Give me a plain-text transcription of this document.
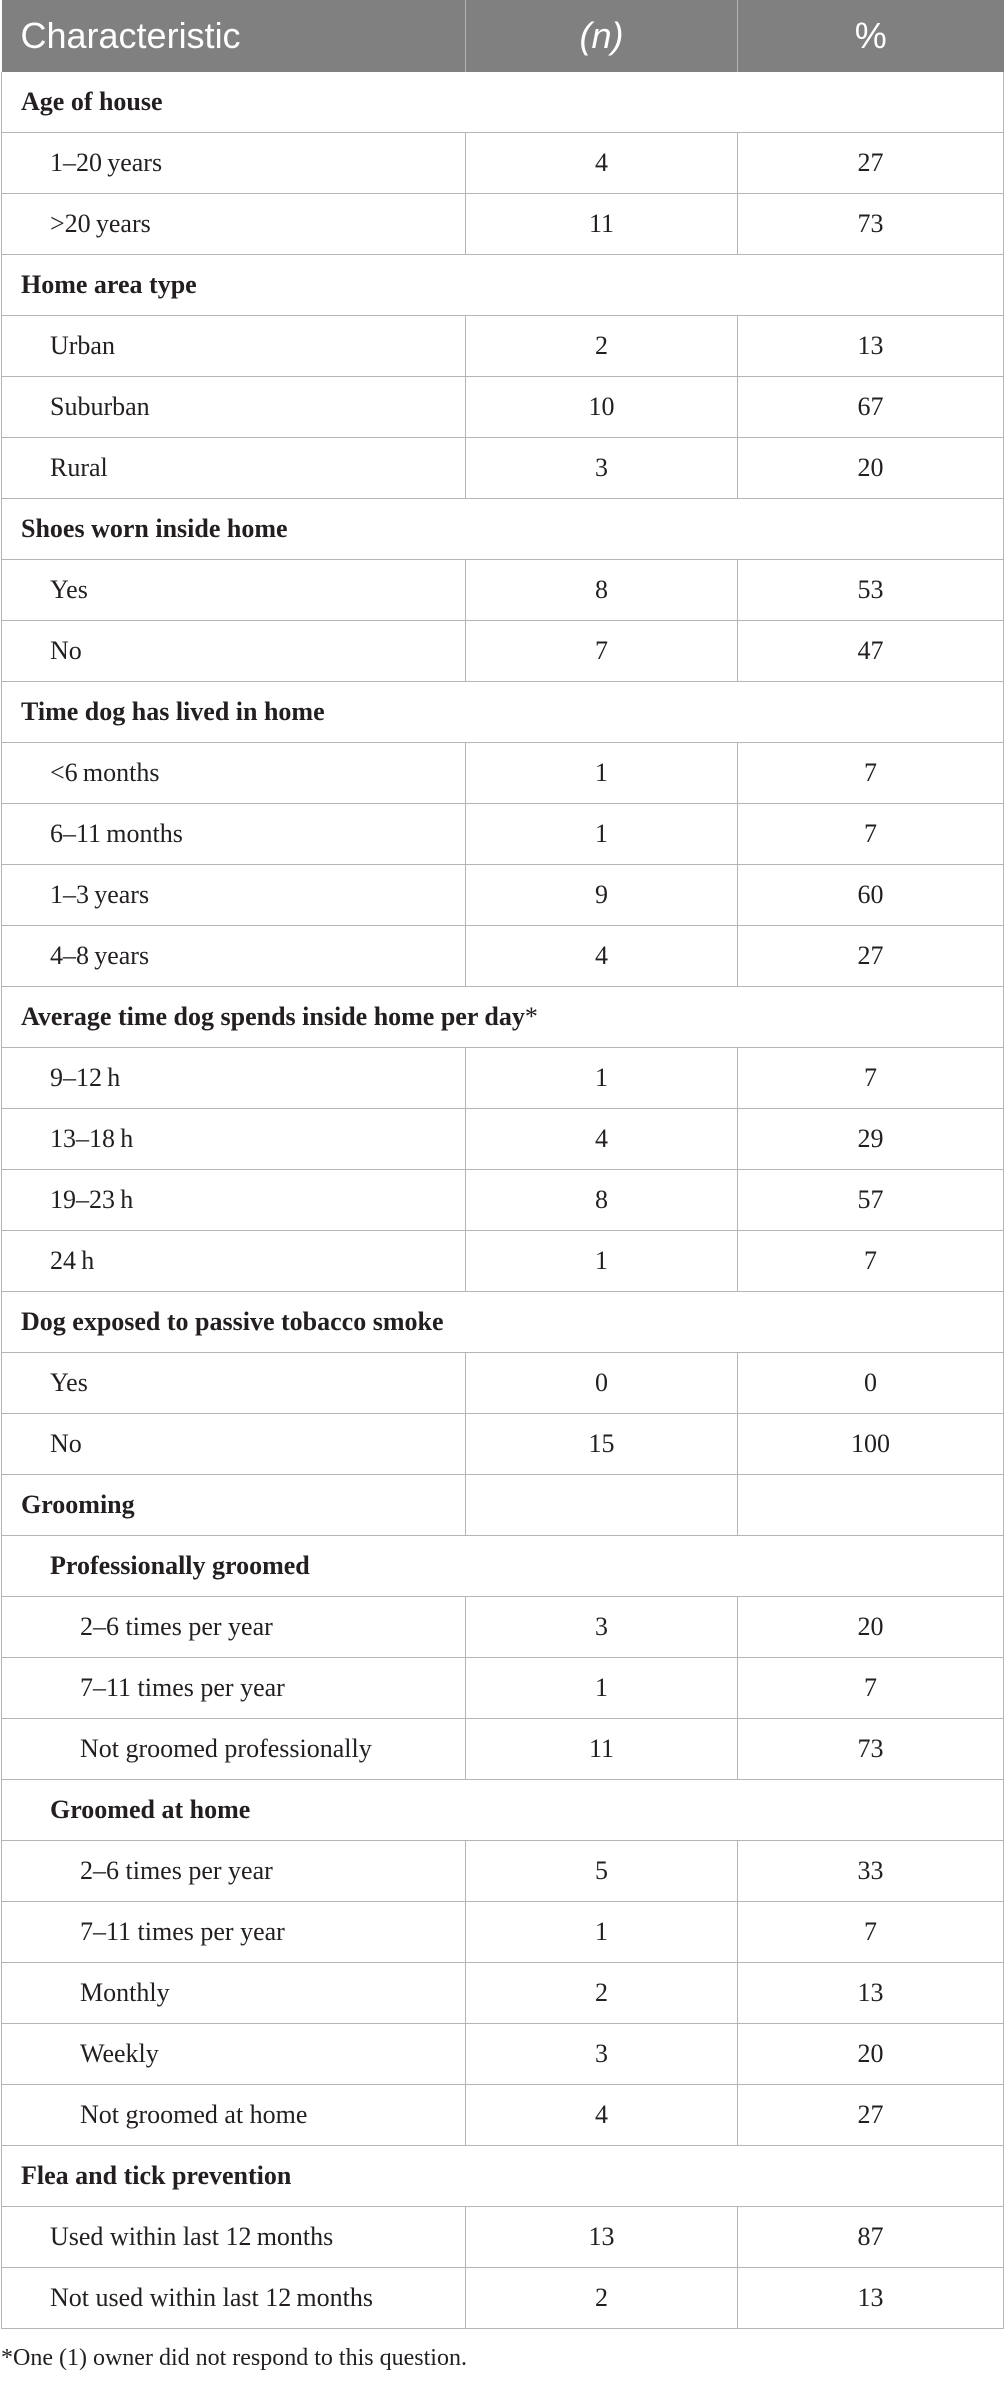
Characteristic	(n)	%
Age of house		
1–20 years	4	27
>20 years	11	73
Home area type		
Urban	2	13
Suburban	10	67
Rural	3	20
Shoes worn inside home		
Yes	8	53
No	7	47
Time dog has lived in home		
<6 months	1	7
6–11 months	1	7
1–3 years	9	60
4–8 years	4	27
Average time dog spends inside home per day*		
9–12 h	1	7
13–18 h	4	29
19–23 h	8	57
24 h	1	7
Dog exposed to passive tobacco smoke		
Yes	0	0
No	15	100
Grooming		
Professionally groomed		
2–6 times per year	3	20
7–11 times per year	1	7
Not groomed professionally	11	73
Groomed at home		
2–6 times per year	5	33
7–11 times per year	1	7
Monthly	2	13
Weekly	3	20
Not groomed at home	4	27
Flea and tick prevention		
Used within last 12 months	13	87
Not used within last 12 months	2	13
*One (1) owner did not respond to this question.
